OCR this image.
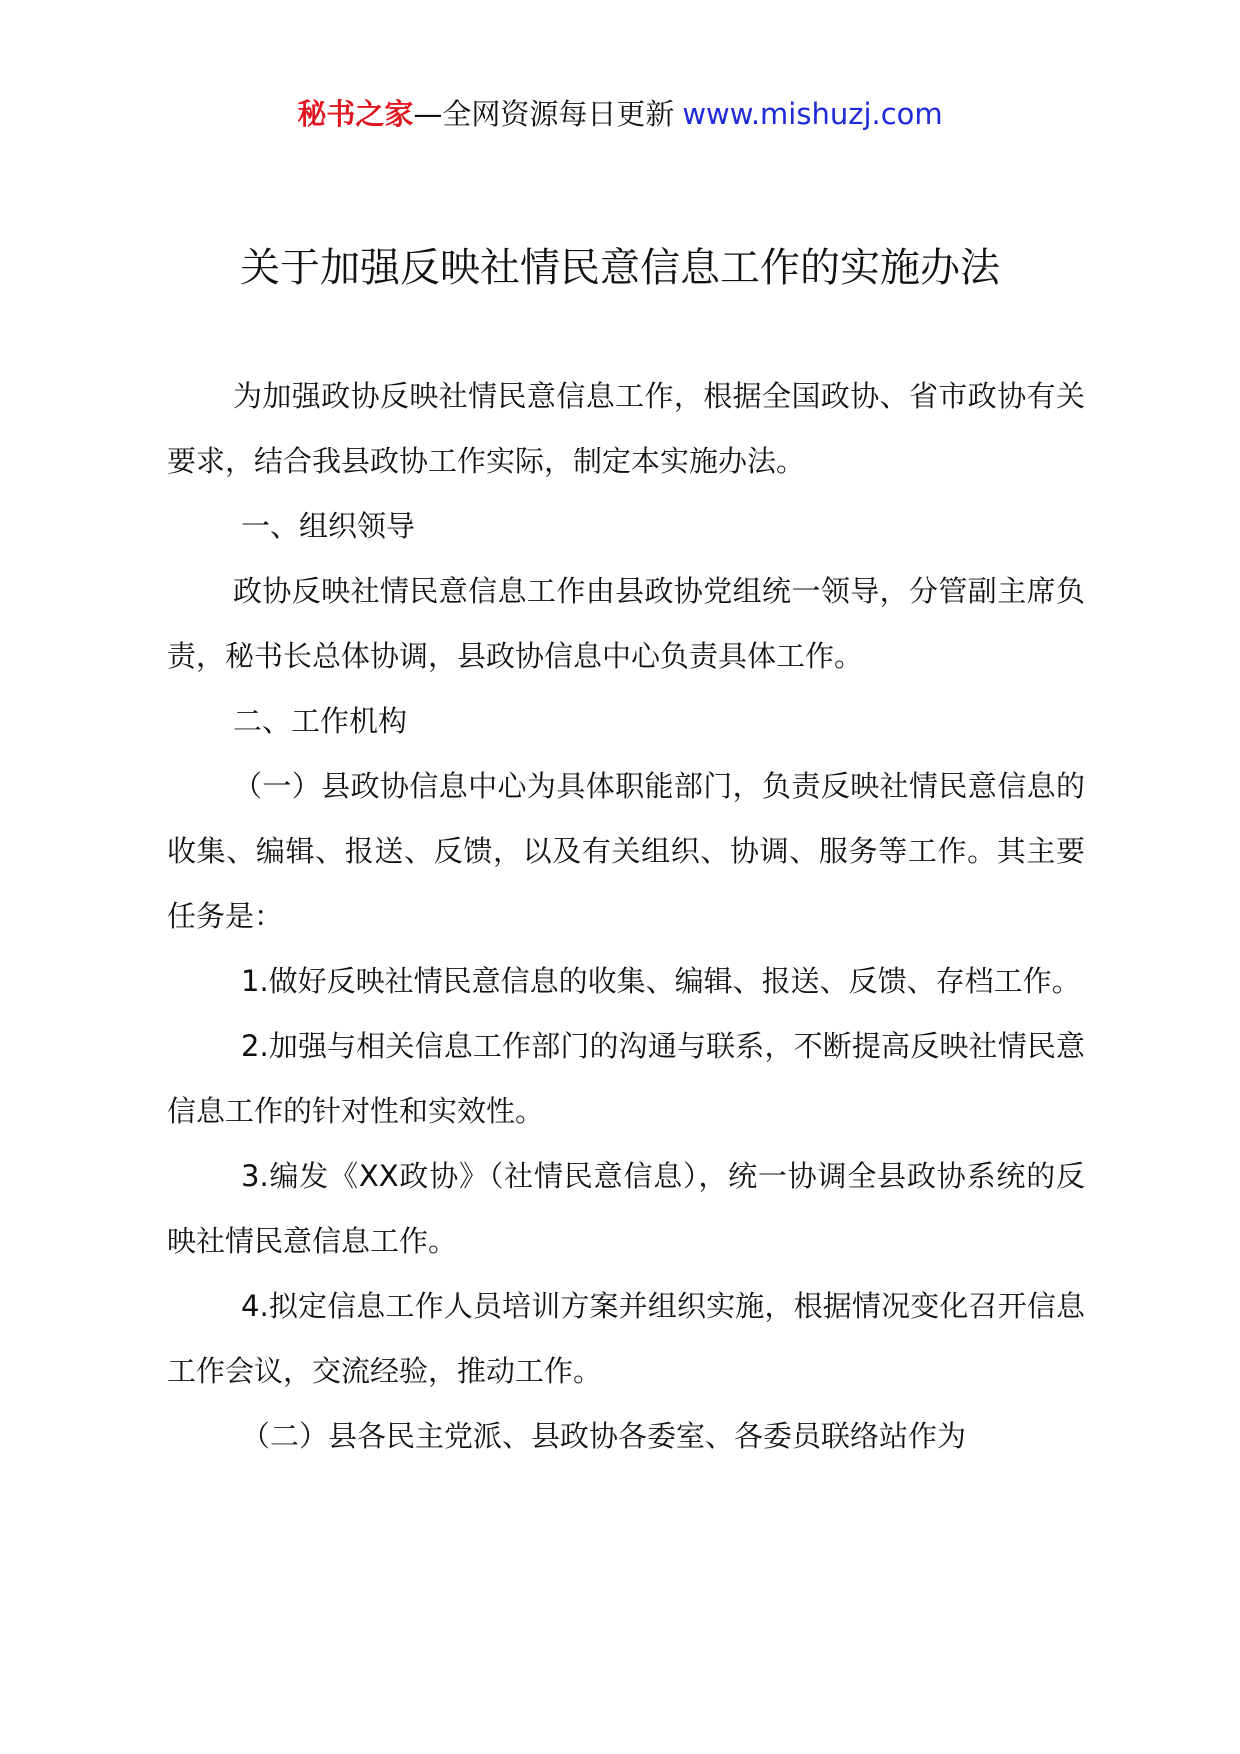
秘书之家—全网资源每日更新 www.mishuzj.com
关于加强反映社情民意信息工作的实施办法

为加强政协反映社情民意信息工作，根据全国政协、省市政协有关要求，结合我县政协工作实际，制定本实施办法。

一、组织领导

政协反映社情民意信息工作由县政协党组统一领导，分管副主席负责，秘书长总体协调，县政协信息中心负责具体工作。

二、工作机构

（一）县政协信息中心为具体职能部门，负责反映社情民意信息的收集、编辑、报送、反馈，以及有关组织、协调、服务等工作。其主要任务是：

1.做好反映社情民意信息的收集、编辑、报送、反馈、存档工作。

2.加强与相关信息工作部门的沟通与联系，不断提高反映社情民意信息工作的针对性和实效性。

3.编发《XX政协》（社情民意信息），统一协调全县政协系统的反映社情民意信息工作。

4.拟定信息工作人员培训方案并组织实施，根据情况变化召开信息工作会议，交流经验，推动工作。

（二）县各民主党派、县政协各委室、各委员联络站作为
